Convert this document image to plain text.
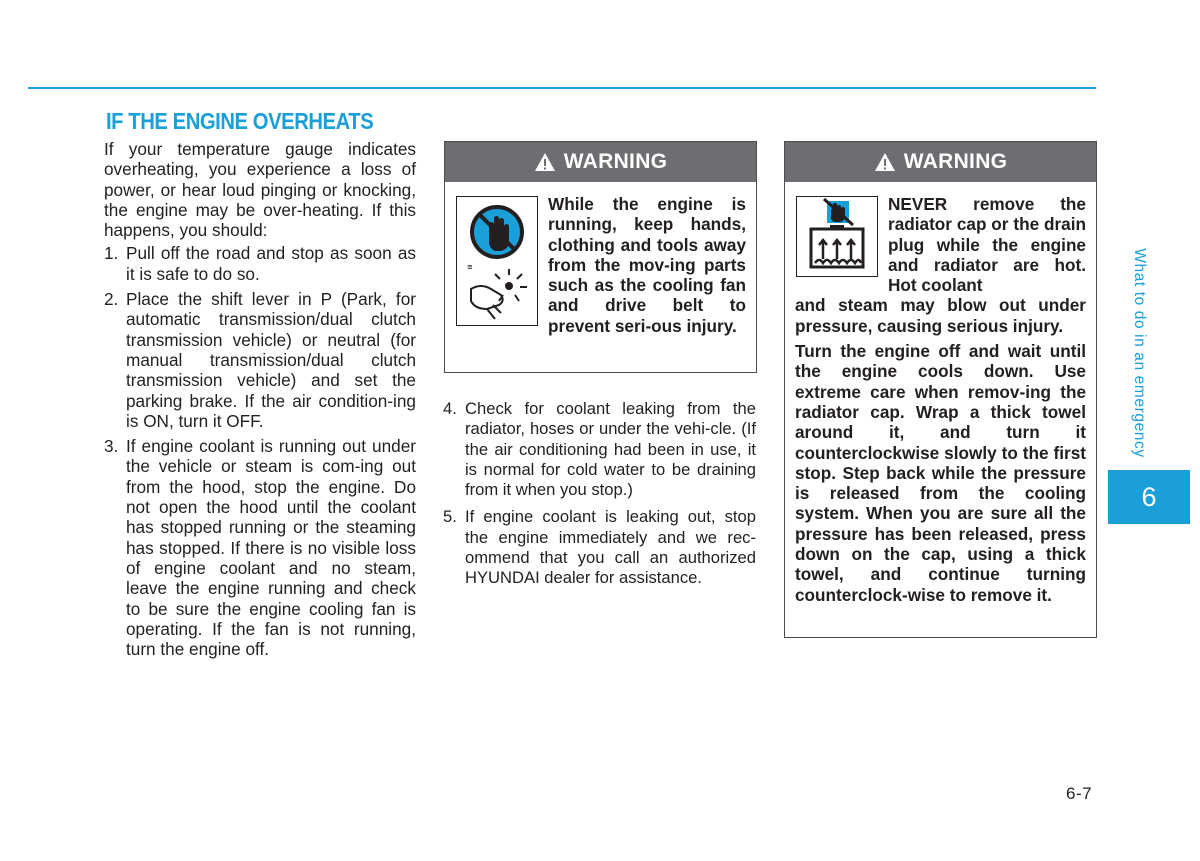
IF THE ENGINE OVERHEATS

If your temperature gauge indicates overheating, you experience a loss of power, or hear loud pinging or knocking, the engine may be over-heating. If this happens, you should:

1. Pull off the road and stop as soon as it is safe to do so.
2. Place the shift lever in P (Park, for automatic transmission/dual clutch transmission vehicle) or neutral (for manual transmission/dual clutch transmission vehicle) and set the parking brake. If the air condition-ing is ON, turn it OFF.
3. If engine coolant is running out under the vehicle or steam is com-ing out from the hood, stop the engine. Do not open the hood until the coolant has stopped running or the steaming has stopped. If there is no visible loss of engine coolant and no steam, leave the engine running and check to be sure the engine cooling fan is operating. If the fan is not running, turn the engine off.
WARNING
≡
While the engine is running, keep hands, clothing and tools away from the mov-ing parts such as the cooling fan and drive belt to prevent seri-ous injury.
4. Check for coolant leaking from the radiator, hoses or under the vehi-cle. (If the air conditioning had been in use, it is normal for cold water to be draining from it when you stop.)
5. If engine coolant is leaking out, stop the engine immediately and we rec-ommend that you call an authorized HYUNDAI dealer for assistance.
WARNING
NEVER remove the radiator cap or the drain plug while the engine and radiator are hot. Hot coolant

and steam may blow out under pressure, causing serious injury.

Turn the engine off and wait until the engine cools down. Use extreme care when remov-ing the radiator cap. Wrap a thick towel around it, and turn it counterclockwise slowly to the first stop. Step back while the pressure is released from the cooling system. When you are sure all the pressure has been released, press down on the cap, using a thick towel, and continue turning counterclock-wise to remove it.

What to do in an emergency
6
6-7
